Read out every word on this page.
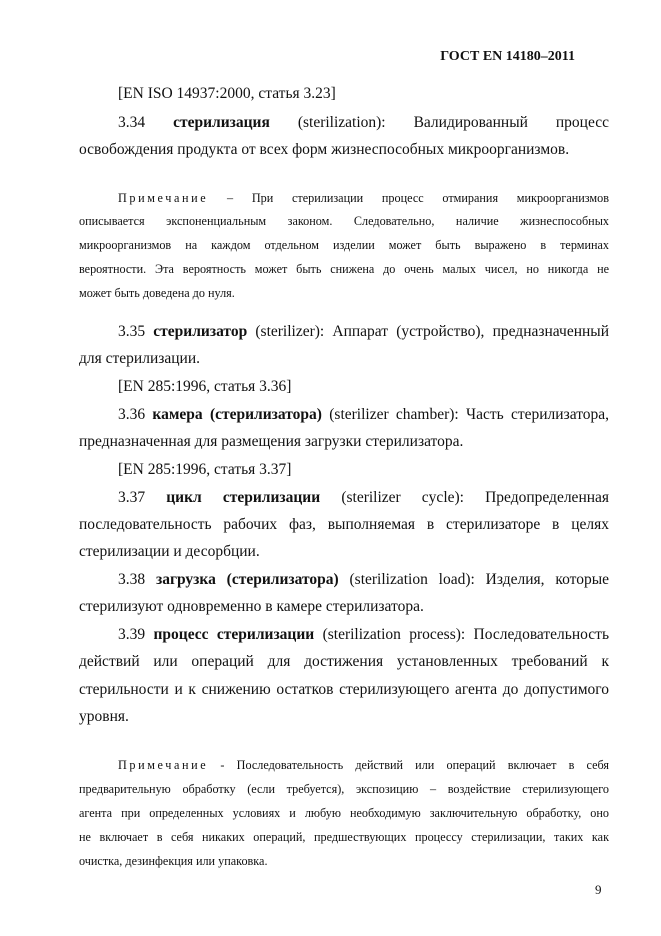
ГОСТ EN 14180–2011
[EN ISO 14937:2000, статья 3.23]
3.34 стерилизация (sterilization): Валидированный процесс
освобождения продукта от всех форм жизнеспособных микроорганизмов.
Примечание – При стерилизации процесс отмирания микроорганизмов
описывается экспоненциальным законом. Следовательно, наличие жизнеспособных
микроорганизмов на каждом отдельном изделии может быть выражено в терминах
вероятности. Эта вероятность может быть снижена до очень малых чисел, но никогда не
может быть доведена до нуля.
3.35 стерилизатор (sterilizer): Аппарат (устройство), предназначенный
для стерилизации.
[EN 285:1996, статья 3.36]
3.36 камера (стерилизатора) (sterilizer chamber): Часть стерилизатора,
предназначенная для размещения загрузки стерилизатора.
[EN 285:1996, статья 3.37]
3.37 цикл стерилизации (sterilizer cycle): Предопределенная
последовательность рабочих фаз, выполняемая в стерилизаторе в целях
стерилизации и десорбции.
3.38 загрузка (стерилизатора) (sterilization load): Изделия, которые
стерилизуют одновременно в камере стерилизатора.
3.39 процесс стерилизации (sterilization process): Последовательность
действий или операций для достижения установленных требований к
стерильности и к снижению остатков стерилизующего агента до допустимого
уровня.
Примечание - Последовательность действий или операций включает в себя
предварительную обработку (если требуется), экспозицию – воздействие стерилизующего
агента при определенных условиях и любую необходимую заключительную обработку, оно
не включает в себя никаких операций, предшествующих процессу стерилизации, таких как
очистка, дезинфекция или упаковка.
9
